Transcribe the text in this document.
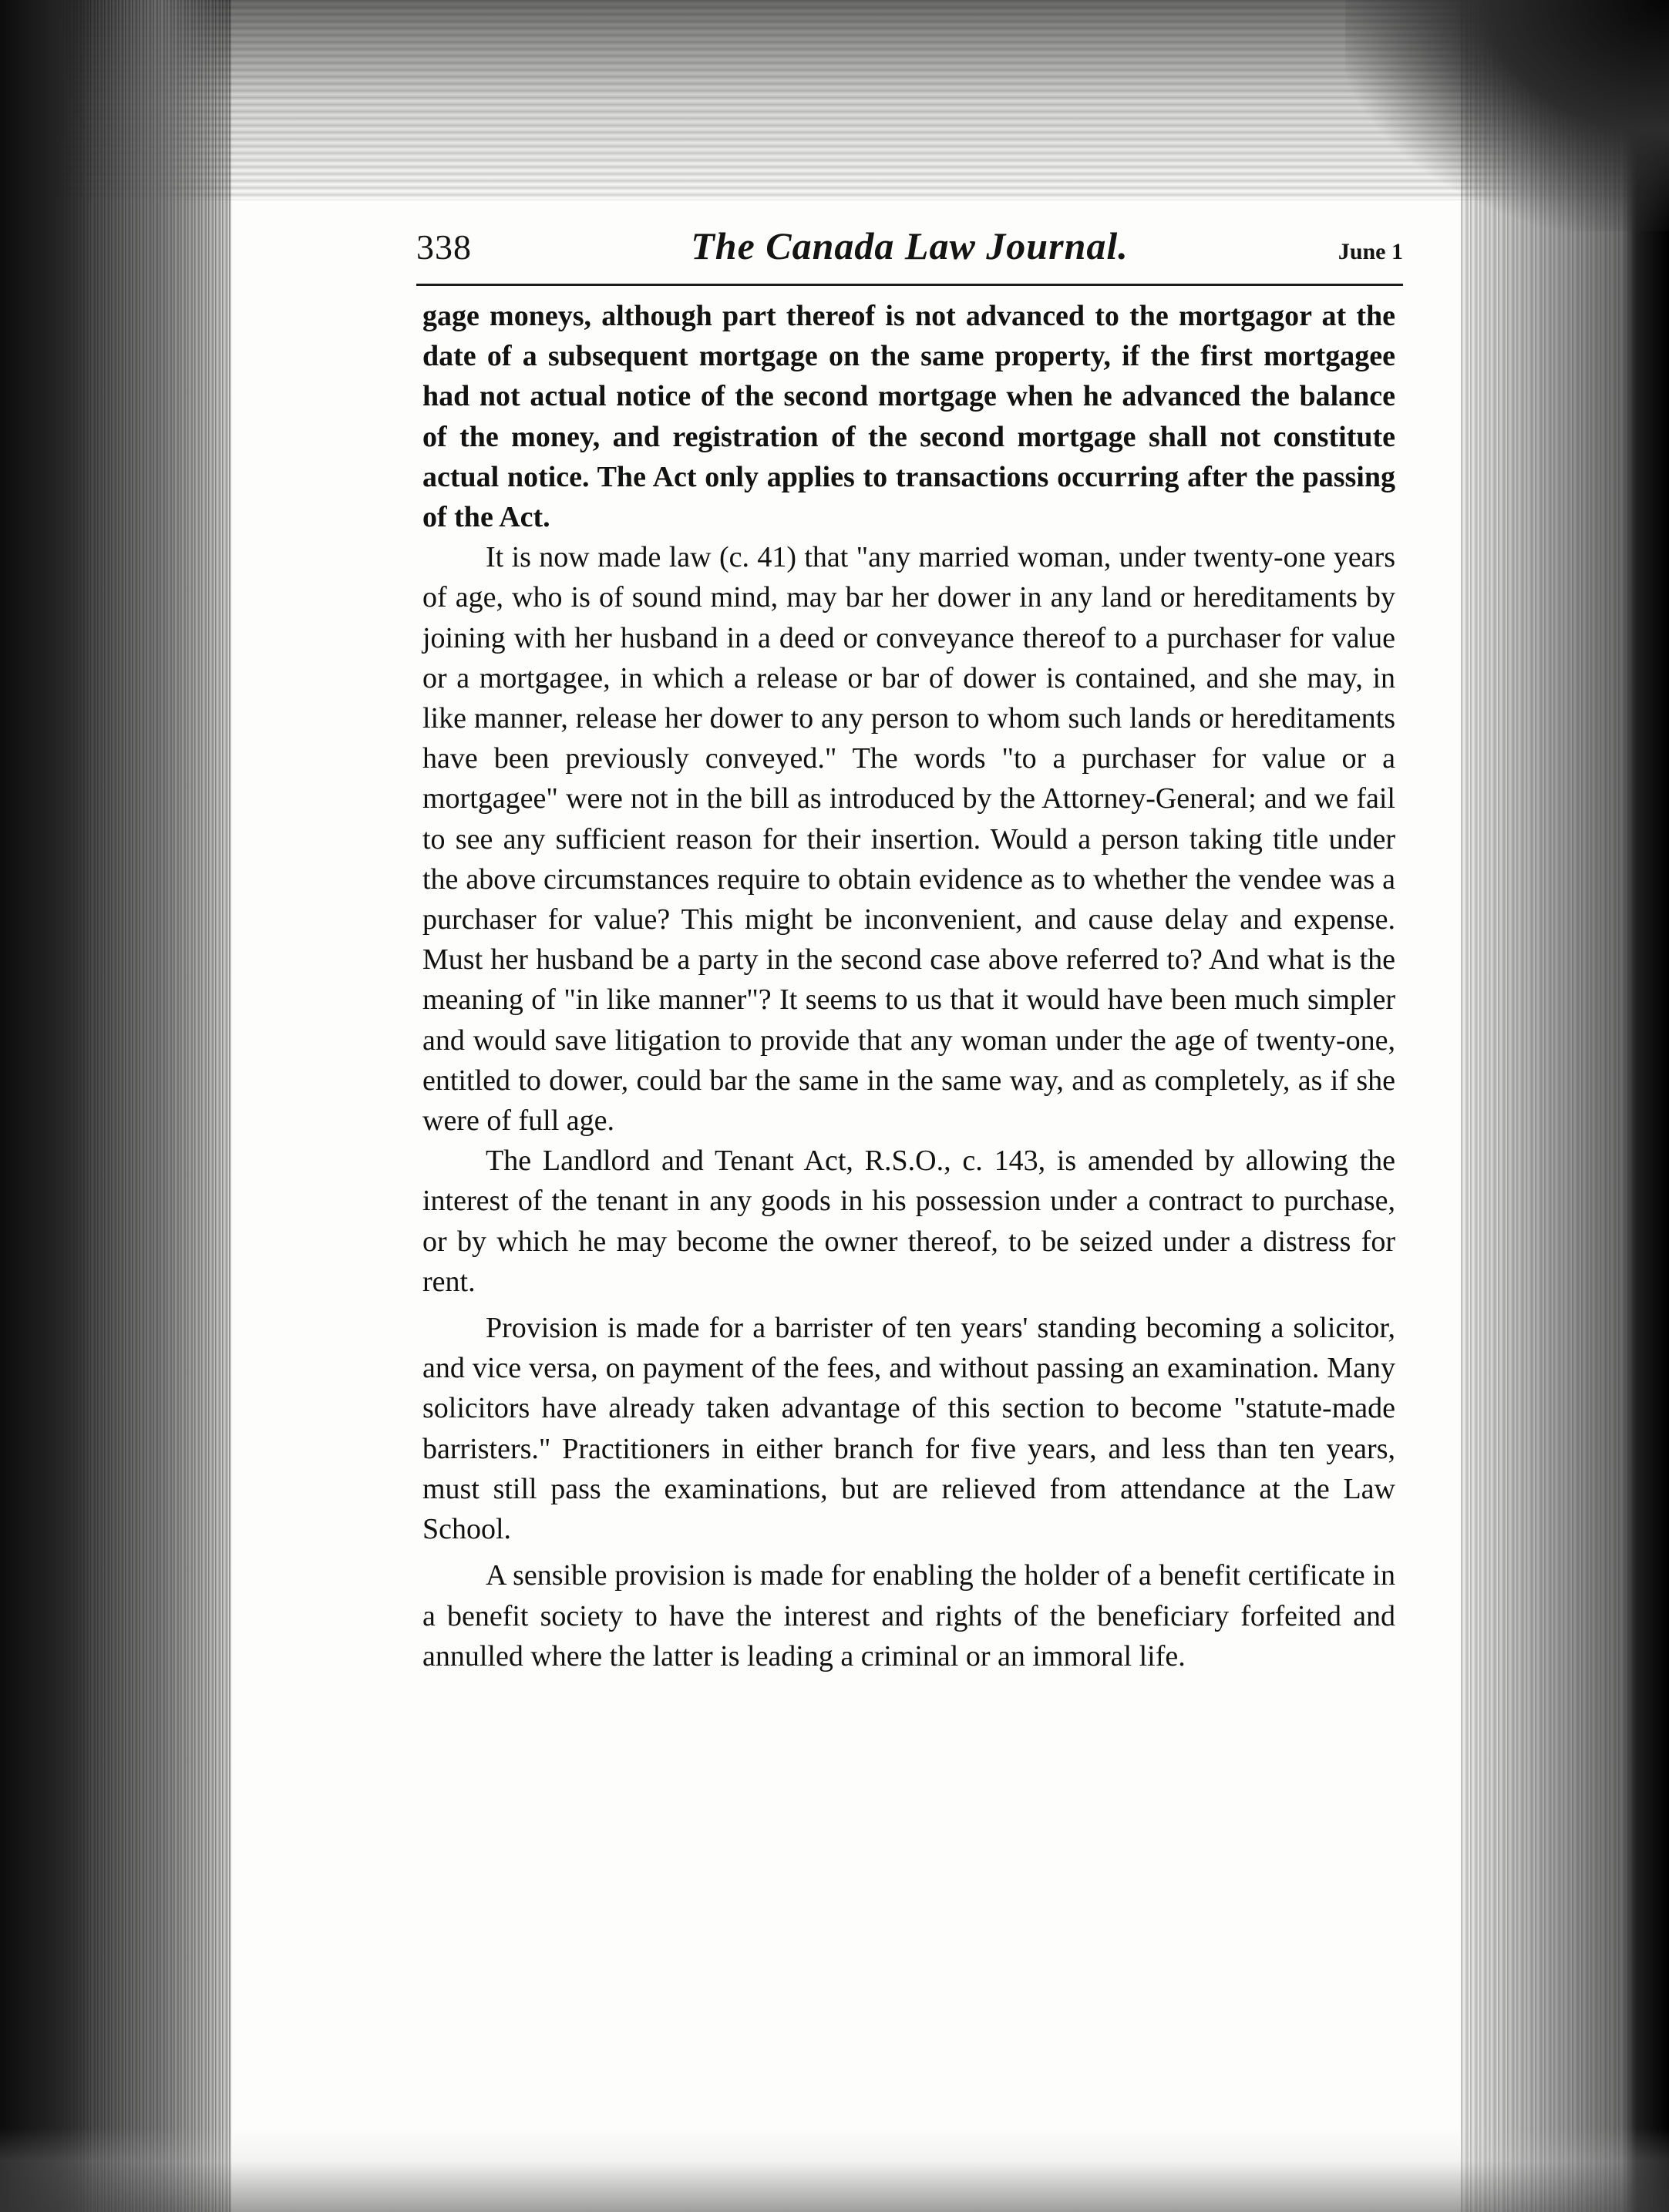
338	The Canada Law Journal.	June 1

gage moneys, although part thereof is not advanced to the mortgagor at the date of a subsequent mortgage on the same property, if the first mortgagee had not actual notice of the second mortgage when he advanced the balance of the money, and registration of the second mortgage shall not constitute actual notice. The Act only applies to transactions occurring after the passing of the Act.

It is now made law (c. 41) that "any married woman, under twenty-one years of age, who is of sound mind, may bar her dower in any land or hereditaments by joining with her husband in a deed or conveyance thereof to a purchaser for value or a mortgagee, in which a release or bar of dower is contained, and she may, in like manner, release her dower to any person to whom such lands or hereditaments have been previously conveyed." The words "to a purchaser for value or a mortgagee" were not in the bill as introduced by the Attorney-General; and we fail to see any sufficient reason for their insertion. Would a person taking title under the above circumstances require to obtain evidence as to whether the vendee was a purchaser for value? This might be inconvenient, and cause delay and expense. Must her husband be a party in the second case above referred to? And what is the meaning of "in like manner"? It seems to us that it would have been much simpler and would save litigation to provide that any woman under the age of twenty-one, entitled to dower, could bar the same in the same way, and as completely, as if she were of full age.

The Landlord and Tenant Act, R.S.O., c. 143, is amended by allowing the interest of the tenant in any goods in his possession under a contract to purchase, or by which he may become the owner thereof, to be seized under a distress for rent.

Provision is made for a barrister of ten years' standing becoming a solicitor, and vice versa, on payment of the fees, and without passing an examination. Many solicitors have already taken advantage of this section to become "statute-made barristers." Practitioners in either branch for five years, and less than ten years, must still pass the examinations, but are relieved from attendance at the Law School.

A sensible provision is made for enabling the holder of a benefit certificate in a benefit society to have the interest and rights of the beneficiary forfeited and annulled where the latter is leading a criminal or an immoral life.
